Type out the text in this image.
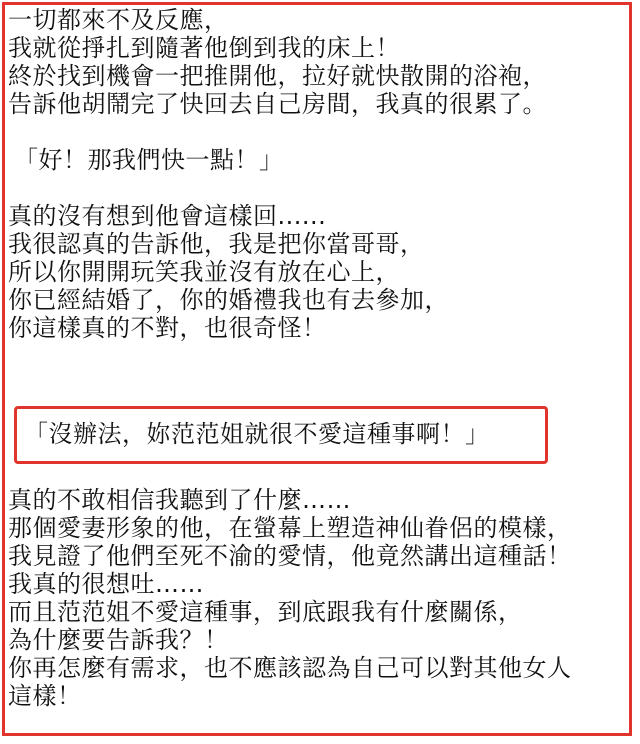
一切都來不及反應，
我就從掙扎到隨著他倒到我的床上！
終於找到機會一把推開他，拉好就快散開的浴袍，
告訴他胡鬧完了快回去自己房間，我真的很累了。
「好！那我們快一點！」
真的沒有想到他會這樣回......
我很認真的告訴他，我是把你當哥哥，
所以你開開玩笑我並沒有放在心上，
你已經結婚了，你的婚禮我也有去參加，
你這樣真的不對，也很奇怪！
「沒辦法，妳范范姐就很不愛這種事啊！」
真的不敢相信我聽到了什麼……
那個愛妻形象的他，在螢幕上塑造神仙眷侶的模樣，
我見證了他們至死不渝的愛情，他竟然講出這種話！
我真的很想吐……
而且范范姐不愛這種事，到底跟我有什麼關係，
為什麼要告訴我？！
你再怎麼有需求，也不應該認為自己可以對其他女人
這樣！
